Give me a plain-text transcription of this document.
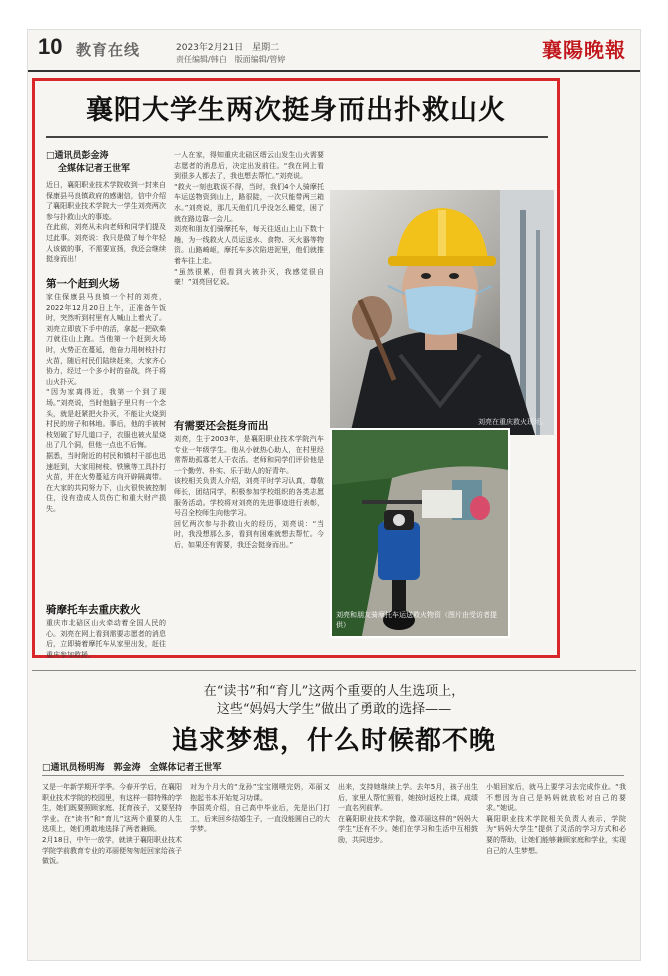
10 教育在线	2023年2月21日　星期二
责任编辑/韩白　版面编辑/管婷	襄陽晚報
襄阳大学生两次挺身而出扑救山火
□通讯员彭金涛
全媒体记者王世军

近日，襄阳职业技术学院收到一封来自保康县马良镇政府的感谢信，信中介绍了襄阳职业技术学院大一学生刘亮两次参与扑救山火的事迹。

在此前，刘亮从未向老师和同学们提及过此事。刘亮说：我只是做了每个年轻人该做的事，不需要宣扬，我还会继续挺身而出！

第一个赶到火场

家住保康县马良镇一个村的刘亮，2022年12月20日上午，正准备午饭时，突然听到村里有人喊山上着火了。刘亮立即放下手中的活，拿起一把砍柴刀就往山上跑。当他第一个赶到火场时，火势正在蔓延，他奋力用树枝扑打火苗，随后村民们陆续赶来，大家齐心协力，经过一个多小时的奋战，终于将山火扑灭。

“因为家离得近，我第一个到了现场。”刘亮说，当时他脑子里只有一个念头，就是赶紧把火扑灭，不能让火烧到村民的房子和林地。事后，他的手被树枝划破了好几道口子，衣服也被火星烧出了几个洞，但他一点也不后悔。

据悉，当时附近的村民和镇村干部也迅速赶到，大家用树枝、铁锹等工具扑打火苗，并在火势蔓延方向开辟隔离带。在大家的共同努力下，山火很快被控制住，没有造成人员伤亡和重大财产损失。

骑摩托车去重庆救火

重庆市北碚区山火牵动着全国人民的心。刘亮在网上看到需要志愿者的消息后，立即骑着摩托车从家里出发，赶往重庆参加救援。

一人在家，得知重庆北碚区缙云山发生山火需要志愿者的消息后，决定出发前往。“我在网上看到很多人都去了，我也想去帮忙。”刘亮说。

“救火一刻也耽误不得，当时，我们4个人骑摩托车运送物资到山上，路很陡，一次只能带两三箱水。”刘亮说，那几天他们几乎没怎么睡觉，困了就在路边靠一会儿。

刘亮和朋友们骑摩托车，每天往返山上山下数十趟，为一线救火人员运送水、食物、灭火器等物资。山路崎岖，摩托车多次陷进泥里，他们就推着车往上走。

“虽然很累，但看到火被扑灭，我感觉很自豪！”刘亮回忆说。

有需要还会挺身而出

刘亮，生于2003年，是襄阳职业技术学院汽车专业一年级学生。他从小就热心助人，在村里经常帮助孤寡老人干农活。老师和同学们评价他是一个勤劳、朴实、乐于助人的好青年。

该校相关负责人介绍，刘亮平时学习认真，尊敬师长，团结同学，积极参加学校组织的各类志愿服务活动。学校将对刘亮的先进事迹进行表彰，号召全校师生向他学习。

回忆两次参与扑救山火的经历，刘亮说：“当时，我没想那么多，看到有困难就想去帮忙。今后，如果还有需要，我还会挺身而出。”

刘亮在重庆救火现场。
刘亮和朋友骑摩托车运送救火物资（图片由受访者提供）
在“读书”和“育儿”这两个重要的人生选项上，
这些“妈妈大学生”做出了勇敢的选择——
追求梦想，什么时候都不晚
□通讯员杨明海　郭金涛　全媒体记者王世军

又是一年新学期开学季。今春开学后，在襄阳职业技术学院的校园里，有这样一群特殊的学生，她们既要照顾家庭、抚育孩子，又要坚持学业。在“读书”和“育儿”这两个重要的人生选项上，她们勇敢地选择了两者兼顾。

2月18日，中午一放学，就读于襄阳职业技术学院学前教育专业的邓丽便匆匆赶回家给孩子做饭。

对为个月大的“龙孙”宝宝刚喂完奶，邓丽又抱起书本开始复习功课。

李国英介绍，自己高中毕业后，先是出门打工，后来回乡结婚生子，一直没能圆自己的大学梦。

出来，支持她继续上学。去年5月，孩子出生后，家里人帮忙照看，她按时返校上课，成绩一直名列前茅。

在襄阳职业技术学院，像邓丽这样的“妈妈大学生”还有不少。她们在学习和生活中互相鼓励，共同进步。

小姐回家后，就马上要学习去完成作业。“我不想因为自己是妈妈就放松对自己的要求。”她说。

襄阳职业技术学院相关负责人表示，学院为“妈妈大学生”提供了灵活的学习方式和必要的帮助，让她们能够兼顾家庭和学业，实现自己的人生梦想。
